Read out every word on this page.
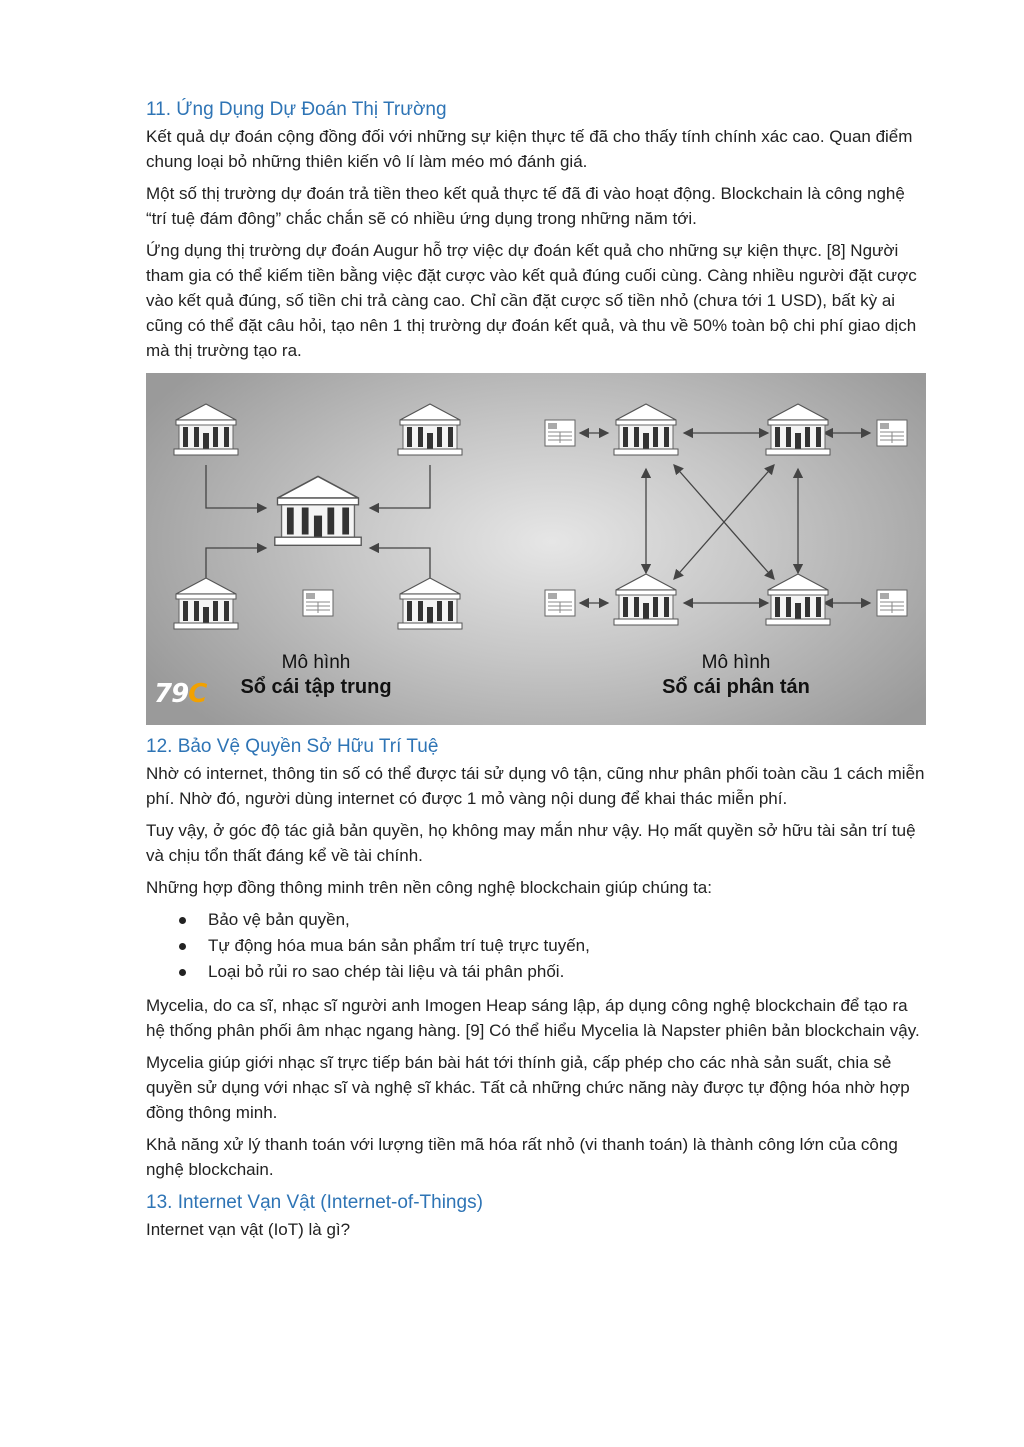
11. Ứng Dụng Dự Đoán Thị Trường

Kết quả dự đoán cộng đồng đối với những sự kiện thực tế đã cho thấy tính chính xác cao. Quan điểm chung loại bỏ những thiên kiến vô lí làm méo mó đánh giá.

Một số thị trường dự đoán trả tiền theo kết quả thực tế đã đi vào hoạt động. Blockchain là công nghệ “trí tuệ đám đông” chắc chắn sẽ có nhiều ứng dụng trong những năm tới.

Ứng dụng thị trường dự đoán Augur hỗ trợ việc dự đoán kết quả cho những sự kiện thực. [8] Người tham gia có thể kiếm tiền bằng việc đặt cược vào kết quả đúng cuối cùng. Càng nhiều người đặt cược vào kết quả đúng, số tiền chi trả càng cao. Chỉ cần đặt cược số tiền nhỏ (chưa tới 1 USD), bất kỳ ai cũng có thể đặt câu hỏi, tạo nên 1 thị trường dự đoán kết quả, và thu về 50% toàn bộ chi phí giao dịch mà thị trường tạo ra.

Mô hình
Sổ cái tập trung
Mô hình
Sổ cái phân tán
79C
12. Bảo Vệ Quyền Sở Hữu Trí Tuệ

Nhờ có internet, thông tin số có thể được tái sử dụng vô tận, cũng như phân phối toàn cầu 1 cách miễn phí. Nhờ đó, người dùng internet có được 1 mỏ vàng nội dung để khai thác miễn phí.

Tuy vậy, ở góc độ tác giả bản quyền, họ không may mắn như vậy. Họ mất quyền sở hữu tài sản trí tuệ và chịu tổn thất đáng kể về tài chính.

Những hợp đồng thông minh trên nền công nghệ blockchain giúp chúng ta:

Bảo vệ bản quyền,
Tự động hóa mua bán sản phẩm trí tuệ trực tuyến,
Loại bỏ rủi ro sao chép tài liệu và tái phân phối.

Mycelia, do ca sĩ, nhạc sĩ người anh Imogen Heap sáng lập, áp dụng công nghệ blockchain để tạo ra hệ thống phân phối âm nhạc ngang hàng. [9] Có thể hiểu Mycelia là Napster phiên bản blockchain vậy.

Mycelia giúp giới nhạc sĩ trực tiếp bán bài hát tới thính giả, cấp phép cho các nhà sản suất, chia sẻ quyền sử dụng với nhạc sĩ và nghệ sĩ khác. Tất cả những chức năng này được tự động hóa nhờ hợp đồng thông minh.

Khả năng xử lý thanh toán với lượng tiền mã hóa rất nhỏ (vi thanh toán) là thành công lớn của công nghệ blockchain.

13. Internet Vạn Vật (Internet-of-Things)

Internet vạn vật (IoT) là gì?
